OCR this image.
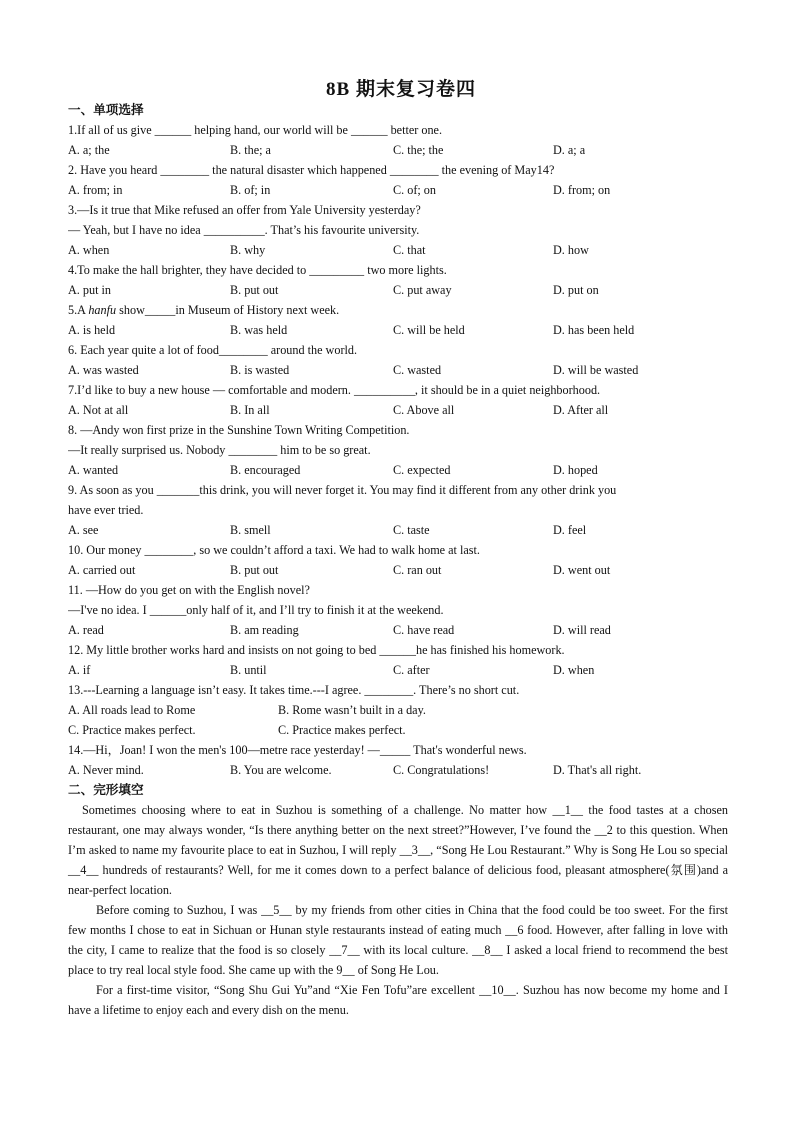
8B 期末复习卷四
一、单项选择
1.If all of us give ______ helping hand, our world will be ______ better one.
A. a; the	B. the; a	C. the; the	D. a; a
2. Have you heard ________ the natural disaster which happened ________ the evening of May14?
A. from; in	B. of; in	C. of; on	D. from; on
3.—Is it true that Mike refused an offer from Yale University yesterday?
— Yeah, but I have no idea __________. That’s his favourite university.
A. when	B. why	C. that	D. how
4.To make the hall brighter, they have decided to _________ two more lights.
A. put in	B. put out	C. put away	D. put on
5.A hanfu show_____in Museum of History next week.
A. is held	B. was held	C. will be held	D. has been held
6. Each year quite a lot of food________ around the world.
A. was wasted	B. is wasted	C. wasted	D. will be wasted
7.I’d like to buy a new house — comfortable and modern. __________, it should be in a quiet neighborhood.
A. Not at all	B. In all	C. Above all	D. After all
8. —Andy won first prize in the Sunshine Town Writing Competition.
—It really surprised us. Nobody ________ him to be so great.
A. wanted	B. encouraged	C. expected	D. hoped
9. As soon as you _______this drink, you will never forget it. You may find it different from any other drink you
have ever tried.
A. see	B. smell	C. taste	D. feel
10. Our money ________, so we couldn’t afford a taxi. We had to walk home at last.
A. carried out	B. put out	C. ran out	D. went out
11. —How do you get on with the English novel?
—I've no idea. I ______only half of it, and I’ll try to finish it at the weekend.
A. read	B. am reading	C. have read	D. will read
12. My little brother works hard and insists on not going to bed ______he has finished his homework.
A. if	B. until	C. after	D. when
13.---Learning a language isn’t easy. It takes time.---I agree. ________. There’s no short cut.
A. All roads lead to Rome	B. Rome wasn’t built in a day.
C. Practice makes perfect.	C. Practice makes perfect.
14.—Hi，Joan! I won the men's 100—metre race yesterday! —_____ That's wonderful news.
A. Never mind.	B. You are welcome.	C. Congratulations!	D. That's all right.
二、完形填空
Sometimes choosing where to eat in Suzhou is something of a challenge. No matter how __1__ the food tastes at a chosen restaurant, one may always wonder, “Is there anything better on the next street?”However, I’ve found the __2 to this question. When I’m asked to name my favourite place to eat in Suzhou, I will reply __3__, “Song He Lou Restaurant.” Why is Song He Lou so special __4__ hundreds of restaurants? Well, for me it comes down to a perfect balance of delicious food, pleasant atmosphere(氛围)and a near-perfect location.
Before coming to Suzhou, I was __5__ by my friends from other cities in China that the food could be too sweet. For the first few months I chose to eat in Sichuan or Hunan style restaurants instead of eating much __6 food. However, after falling in love with the city, I came to realize that the food is so closely __7__ with its local culture. __8__ I asked a local friend to recommend the best place to try real local style food. She came up with the 9__ of Song He Lou.
For a first-time visitor, “Song Shu Gui Yu”and “Xie Fen Tofu”are excellent __10__. Suzhou has now become my home and I have a lifetime to enjoy each and every dish on the menu.
